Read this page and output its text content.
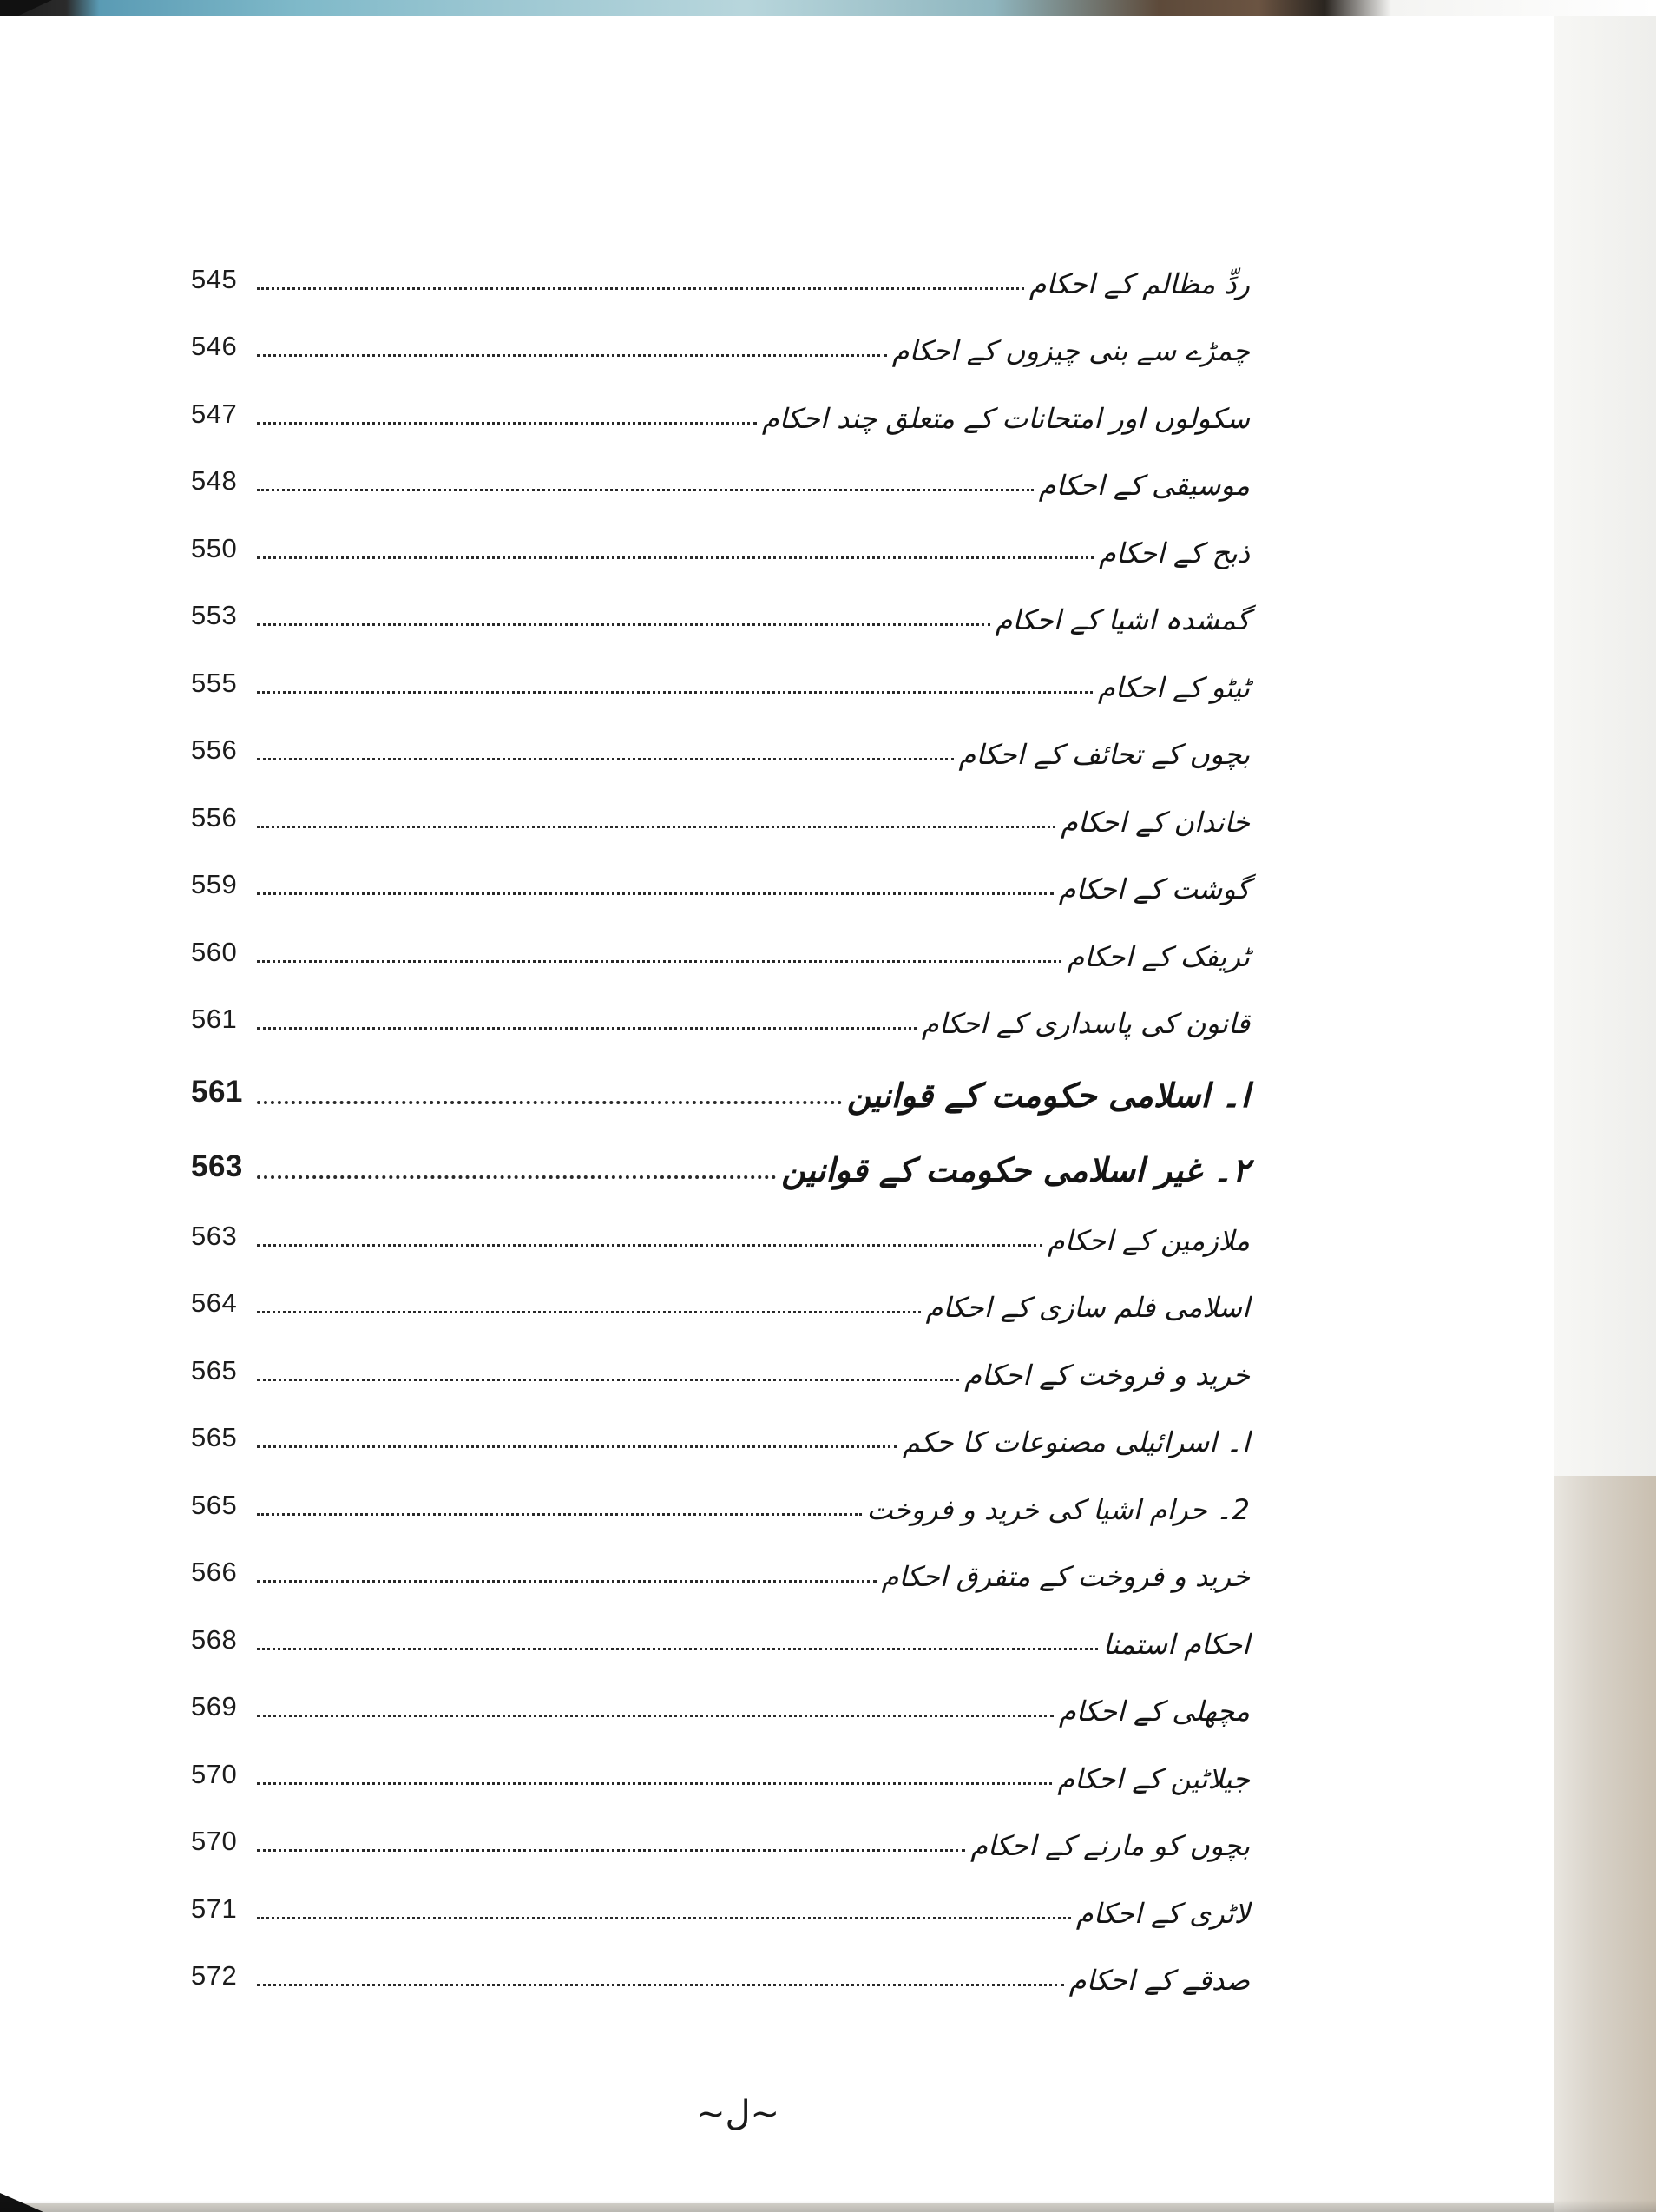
545	ردِّ مظالم کے احکام
546	چمڑے سے بنی چیزوں کے احکام
547	سکولوں اور امتحانات کے متعلق چند احکام
548	موسیقی کے احکام
550	ذبح کے احکام
553	گمشدہ اشیا کے احکام
555	ٹیٹو کے احکام
556	بچوں کے تحائف کے احکام
556	خاندان کے احکام
559	گوشت کے احکام
560	ٹریفک کے احکام
561	قانون کی پاسداری کے احکام
561	ا۔ اسلامی حکومت کے قوانین
563	۲۔ غیر اسلامی حکومت کے قوانین
563	ملازمین کے احکام
564	اسلامی فلم سازی کے احکام
565	خرید و فروخت کے احکام
565	ا۔ اسرائیلی مصنوعات کا حکم
565	2۔ حرام اشیا کی خرید و فروخت
566	خرید و فروخت کے متفرق احکام
568	احکام استمنا
569	مچھلی کے احکام
570	جیلاٹین کے احکام
570	بچوں کو مارنے کے احکام
571	لاٹری کے احکام
572	صدقے کے احکام
~ل~
